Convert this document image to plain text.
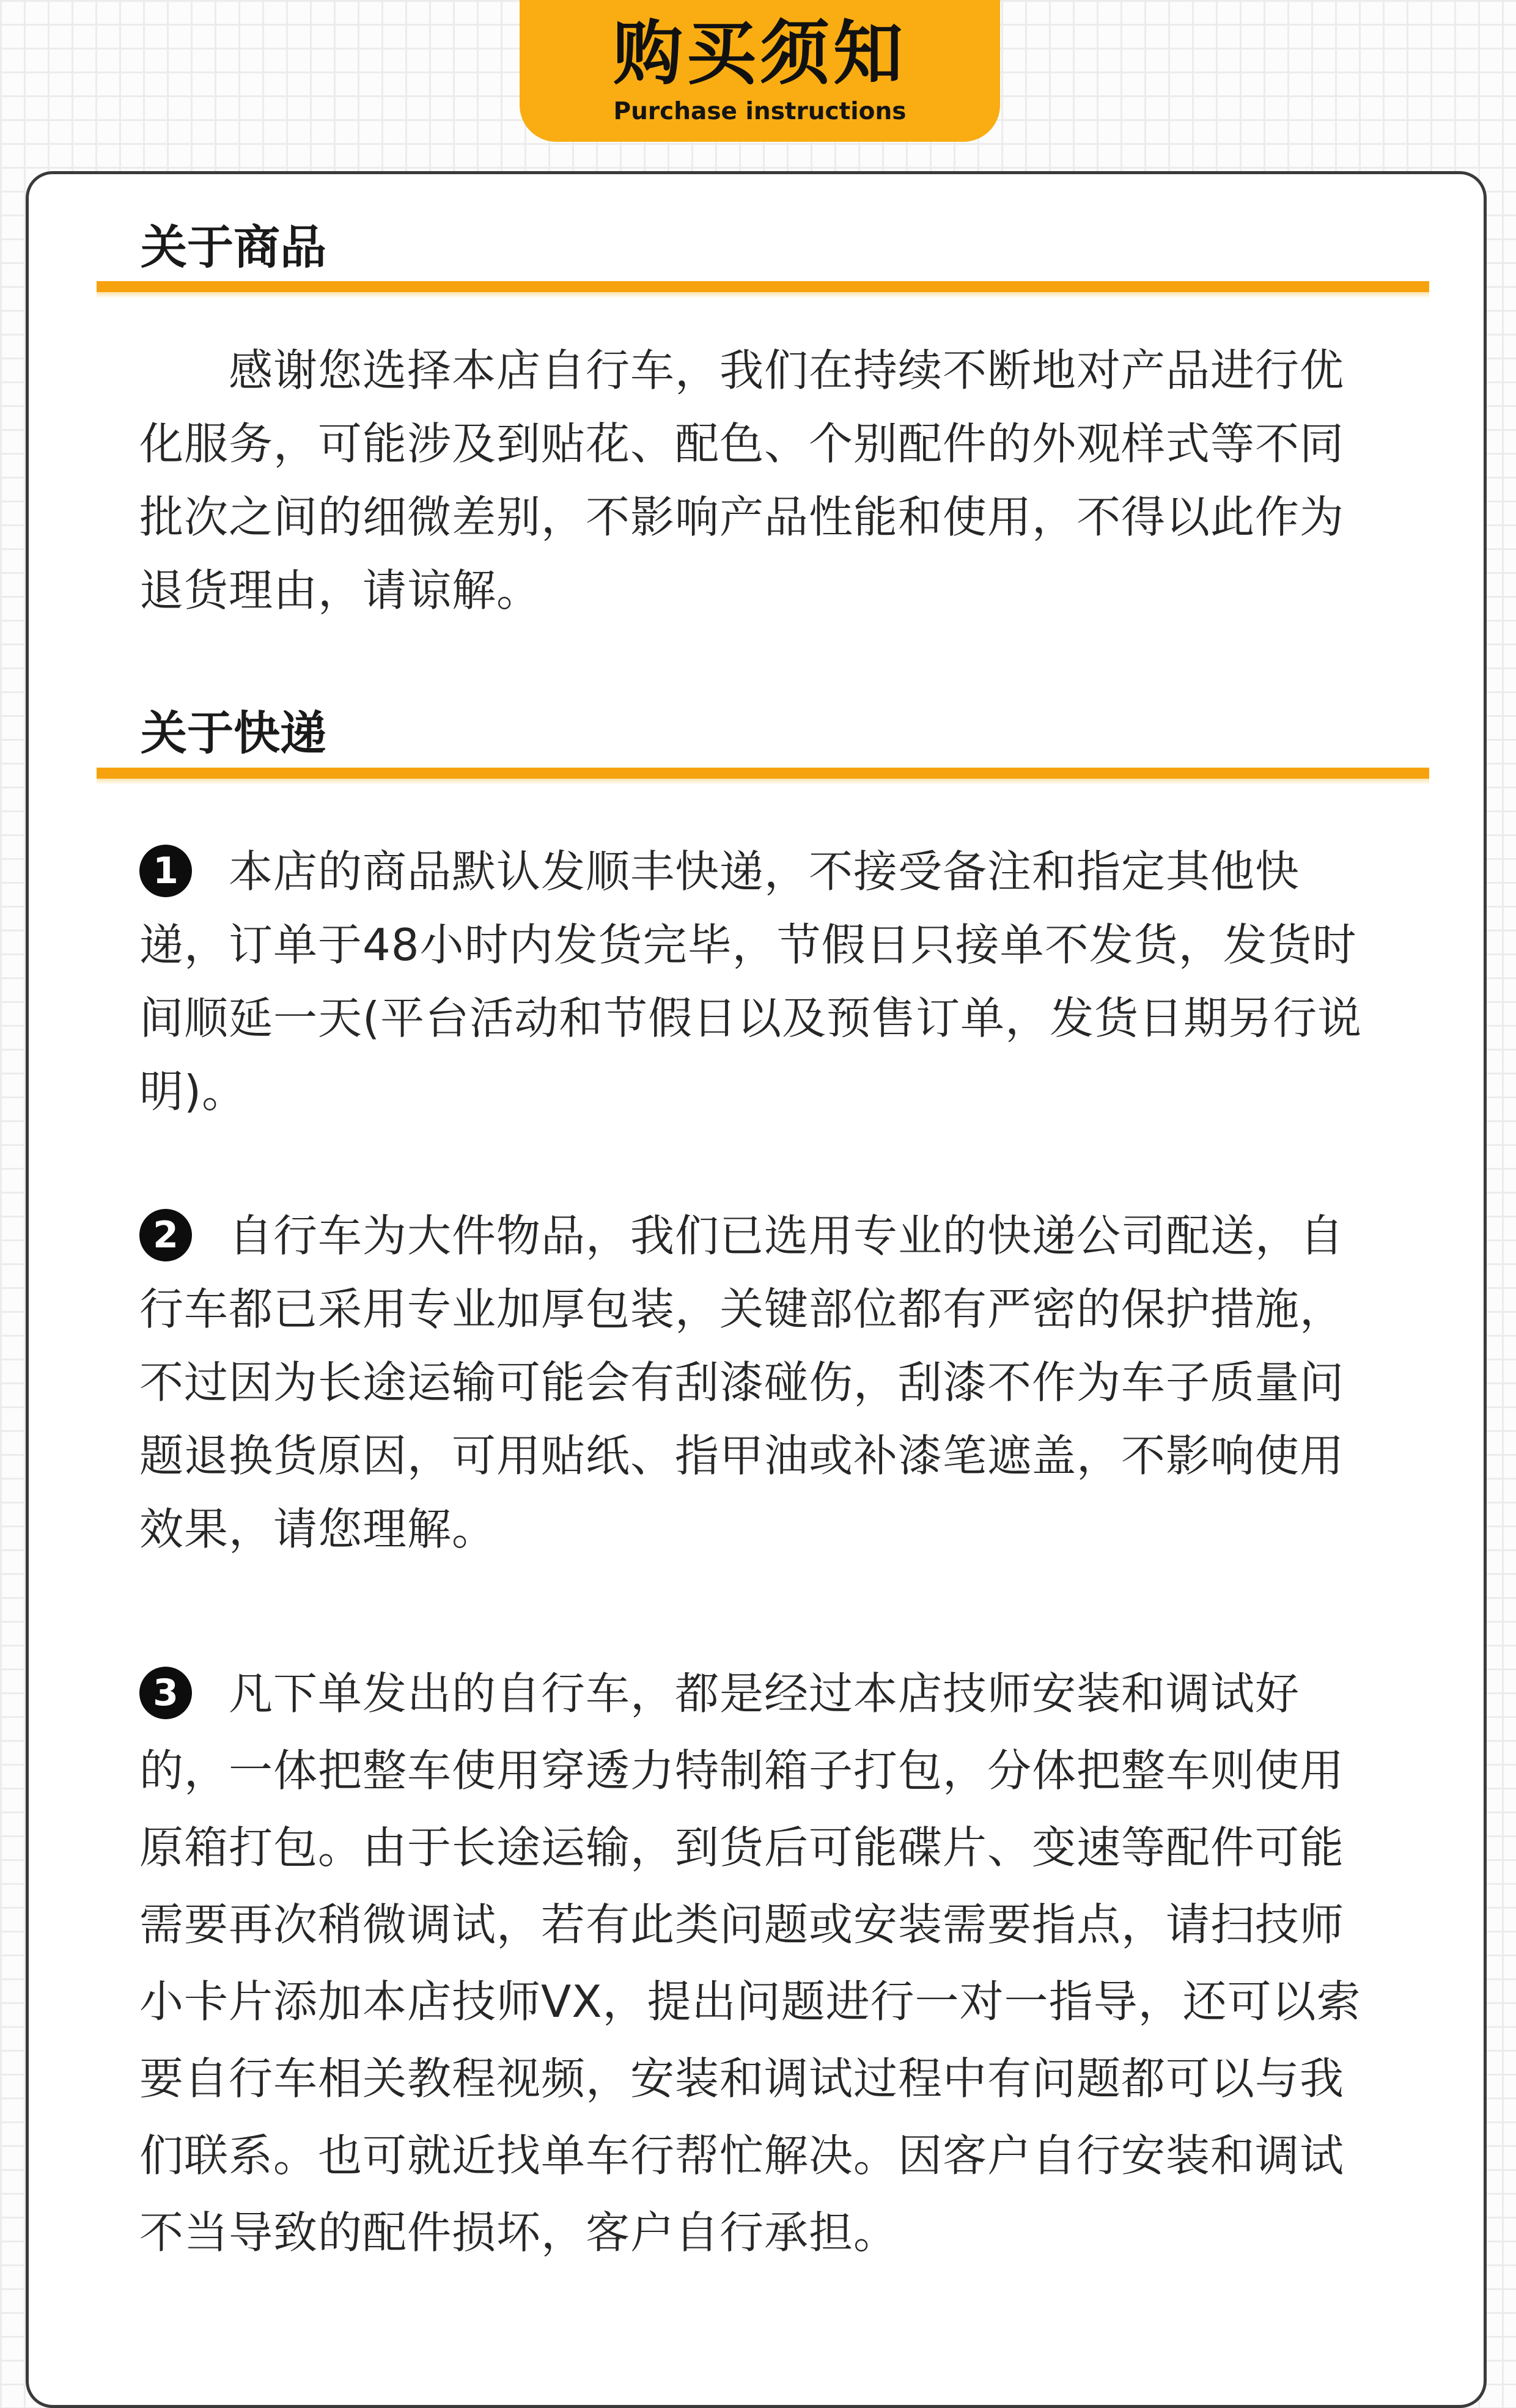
购买须知
Purchase instructions
关于商品

感谢您选择本店自行车，我们在持续不断地对产品进行优化服务，可能涉及到贴花、配色、个别配件的外观样式等不同批次之间的细微差别，不影响产品性能和使用，不得以此作为退货理由，请谅解。

关于快递

1 本店的商品默认发顺丰快递，不接受备注和指定其他快递，订单于48小时内发货完毕，节假日只接单不发货，发货时间顺延一天(平台活动和节假日以及预售订单，发货日期另行说明)。

2 自行车为大件物品，我们已选用专业的快递公司配送，自行车都已采用专业加厚包装，关键部位都有严密的保护措施，不过因为长途运输可能会有刮漆碰伤，刮漆不作为车子质量问题退换货原因，可用贴纸、指甲油或补漆笔遮盖，不影响使用效果，请您理解。

3 凡下单发出的自行车，都是经过本店技师安装和调试好的，一体把整车使用穿透力特制箱子打包，分体把整车则使用原箱打包。由于长途运输，到货后可能碟片、变速等配件可能需要再次稍微调试，若有此类问题或安装需要指点，请扫技师小卡片添加本店技师VX，提出问题进行一对一指导，还可以索要自行车相关教程视频，安装和调试过程中有问题都可以与我们联系。也可就近找单车行帮忙解决。因客户自行安装和调试不当导致的配件损坏，客户自行承担。
